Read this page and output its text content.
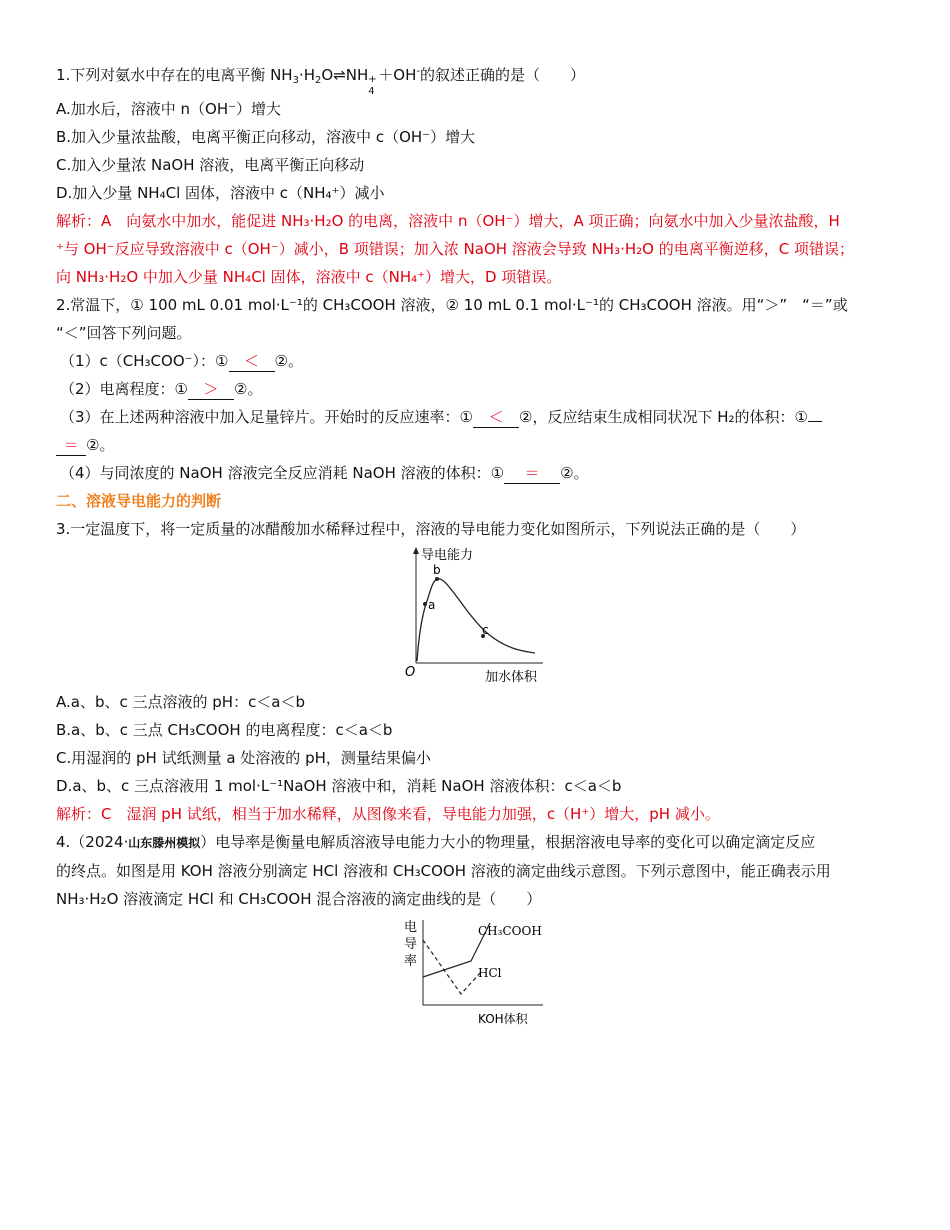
1.下列对氨水中存在的电离平衡 $NH_3\cdot H_2O\rightleftharpoons NH$ +
4
＋OH-的叙述正确的是（　　）
A.加水后，溶液中 n（OH⁻）增大
B.加入少量浓盐酸，电离平衡正向移动，溶液中 c（OH⁻）增大
C.加入少量浓 NaOH 溶液，电离平衡正向移动
D.加入少量 NH₄Cl 固体，溶液中 c（NH₄⁺）减小
解析：A　向氨水中加水，能促进 NH₃·H₂O 的电离，溶液中 n（OH⁻）增大，A 项正确；向氨水中加入少量浓盐酸，H
⁺与 OH⁻反应导致溶液中 c（OH⁻）减小，B 项错误；加入浓 NaOH 溶液会导致 NH₃·H₂O 的电离平衡逆移，C 项错误；
向 NH₃·H₂O 中加入少量 NH₄Cl 固体，溶液中 c（NH₄⁺）增大，D 项错误。
2.常温下，① 100 mL 0.01 mol·L⁻¹的 CH₃COOH 溶液，② 10 mL 0.1 mol·L⁻¹的 CH₃COOH 溶液。用“＞”　“＝”或
“＜”回答下列问题。
（1）c（CH₃COO⁻）：① ＜ ②。
（2）电离程度：① ＞ ②。
（3）在上述两种溶液中加入足量锌片。开始时的反应速率：① ＜ ②，反应结束生成相同状况下 H₂的体积：①
＝ ②。
（4）与同浓度的 NaOH 溶液完全反应消耗 NaOH 溶液的体积：① ＝ ②。
二、溶液导电能力的判断
3.一定温度下，将一定质量的冰醋酸加水稀释过程中，溶液的导电能力变化如图所示，下列说法正确的是（　　）
导电能力
O	加水体积
a
b
c
A.a、b、c 三点溶液的 pH：c＜a＜b
B.a、b、c 三点 CH₃COOH 的电离程度：c＜a＜b
C.用湿润的 pH 试纸测量 a 处溶液的 pH，测量结果偏小
D.a、b、c 三点溶液用 1 mol·L⁻¹NaOH 溶液中和，消耗 NaOH 溶液体积：c＜a＜b
解析：C　湿润 pH 试纸，相当于加水稀释，从图像来看，导电能力加强，c（H⁺）增大，pH 减小。
4.（2024·山东滕州模拟）电导率是衡量电解质溶液导电能力大小的物理量，根据溶液电导率的变化可以确定滴定反应
的终点。如图是用 KOH 溶液分别滴定 HCl 溶液和 CH₃COOH 溶液的滴定曲线示意图。下列示意图中，能正确表示用
NH₃·H₂O 溶液滴定 HCl 和 CH₃COOH 混合溶液的滴定曲线的是（　　）
电
导
率
CH₃COOH
HCl
KOH体积
